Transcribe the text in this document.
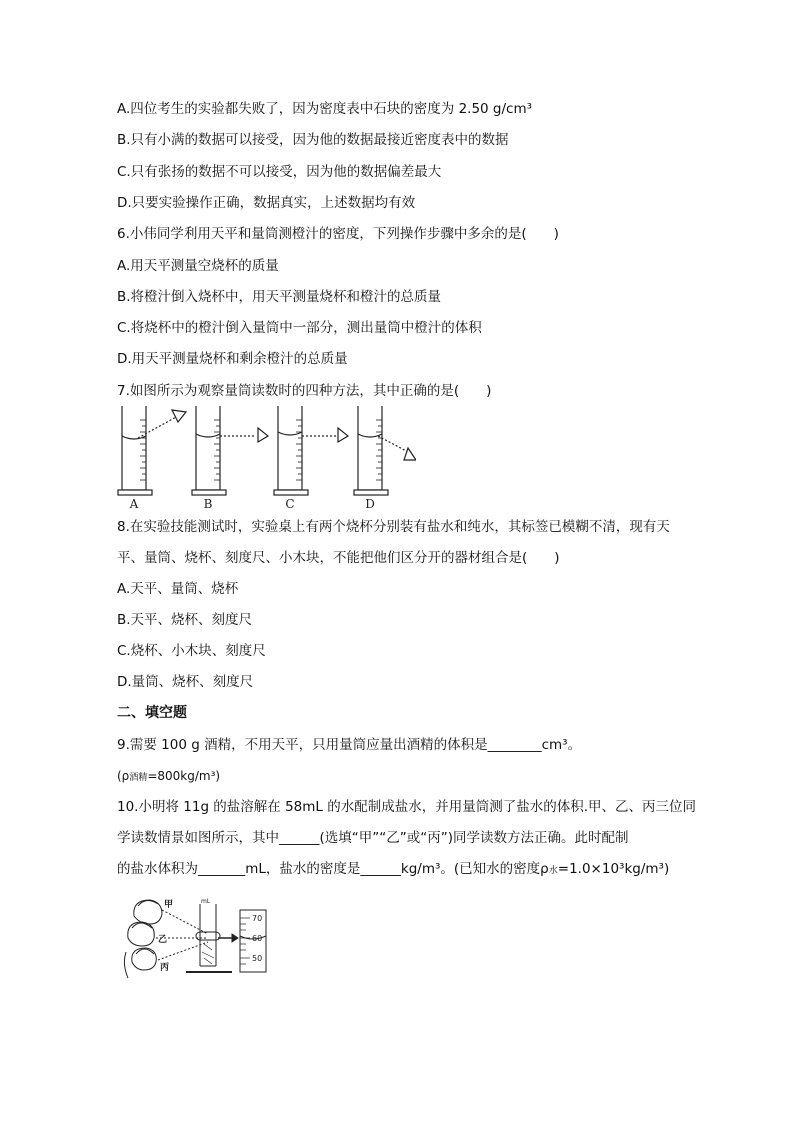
A.四位考生的实验都失败了，因为密度表中石块的密度为 2.50 g/cm³
B.只有小满的数据可以接受，因为他的数据最接近密度表中的数据
C.只有张扬的数据不可以接受，因为他的数据偏差最大
D.只要实验操作正确，数据真实，上述数据均有效
6.小伟同学利用天平和量筒测橙汁的密度，下列操作步骤中多余的是(　　)
A.用天平测量空烧杯的质量
B.将橙汁倒入烧杯中，用天平测量烧杯和橙汁的总质量
C.将烧杯中的橙汁倒入量筒中一部分，测出量筒中橙汁的体积
D.用天平测量烧杯和剩余橙汁的总质量
7.如图所示为观察量筒读数时的四种方法，其中正确的是(　　)
A	B	C	D
8.在实验技能测试时，实验桌上有两个烧杯分别装有盐水和纯水，其标签已模糊不清，现有天
平、量筒、烧杯、刻度尺、小木块，不能把他们区分开的器材组合是(　　)
A.天平、量筒、烧杯
B.天平、烧杯、刻度尺
C.烧杯、小木块、刻度尺
D.量筒、烧杯、刻度尺
二、填空题
9.需要 100 g 酒精，不用天平，只用量筒应量出酒精的体积是________cm³。
(ρ酒精=800kg/m³)
10.小明将 11g 的盐溶解在 58mL 的水配制成盐水，并用量筒测了盐水的体积.甲、乙、丙三位同
学读数情景如图所示，其中______(选填“甲”“乙”或“丙”)同学读数方法正确。此时配制
的盐水体积为_______mL，盐水的密度是______kg/m³。(已知水的密度ρ水=1.0×10³kg/m³)
甲
乙
丙
mL
70
60
50
